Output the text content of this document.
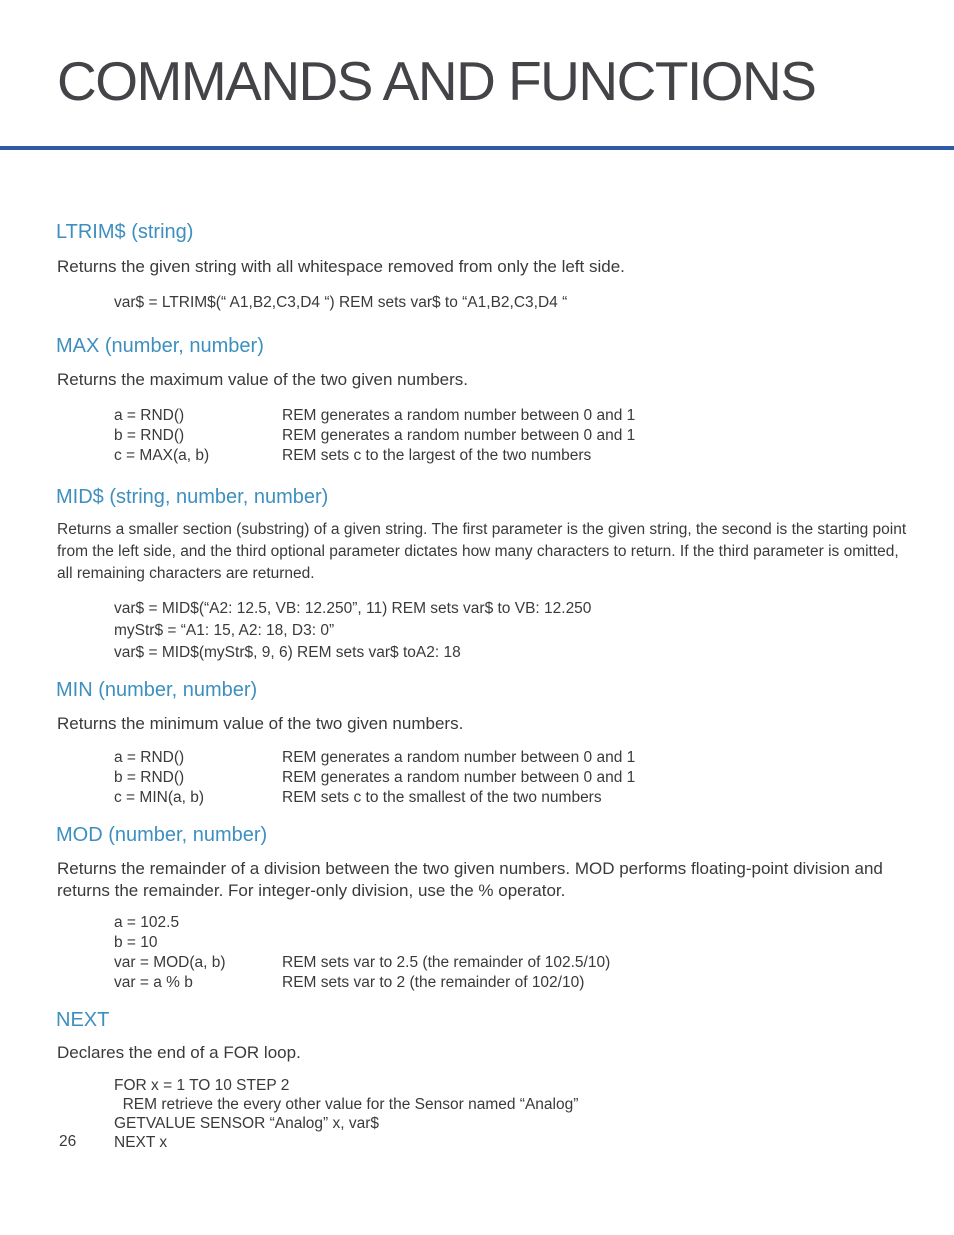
COMMANDS AND FUNCTIONS
LTRIM$ (string)

Returns the given string with all whitespace removed from only the left side.

var$ = LTRIM$(“ A1,B2,C3,D4 “) REM sets var$ to “A1,B2,C3,D4 “
MAX (number, number)

Returns the maximum value of the two given numbers.

a = RND()	REM generates a random number between 0 and 1
b = RND()	REM generates a random number between 0 and 1
c = MAX(a, b)	REM sets c to the largest of the two numbers
MID$ (string, number, number)

Returns a smaller section (substring) of a given string. The first parameter is the given string, the second is the starting point from the left side, and the third optional parameter dictates how many characters to return. If the third parameter is omitted, all remaining characters are returned.

var$ = MID$(“A2: 12.5, VB: 12.250”, 11) REM sets var$ to VB: 12.250
myStr$ = “A1: 15, A2: 18, D3: 0”
var$ = MID$(myStr$, 9, 6) REM sets var$ toA2: 18
MIN (number, number)

Returns the minimum value of the two given numbers.

a = RND()	REM generates a random number between 0 and 1
b = RND()	REM generates a random number between 0 and 1
c = MIN(a, b)	REM sets c to the smallest of the two numbers
MOD (number, number)

Returns the remainder of a division between the two given numbers. MOD performs floating-point division and returns the remainder. For integer-only division, use the % operator.

a = 102.5
b = 10
var = MOD(a, b)	REM sets var to 2.5 (the remainder of 102.5/10)
var = a % b	REM sets var to 2 (the remainder of 102/10)
NEXT

Declares the end of a FOR loop.

FOR x = 1 TO 10 STEP 2
REM retrieve the every other value for the Sensor named “Analog”
GETVALUE SENSOR “Analog” x, var$
NEXT x
26
